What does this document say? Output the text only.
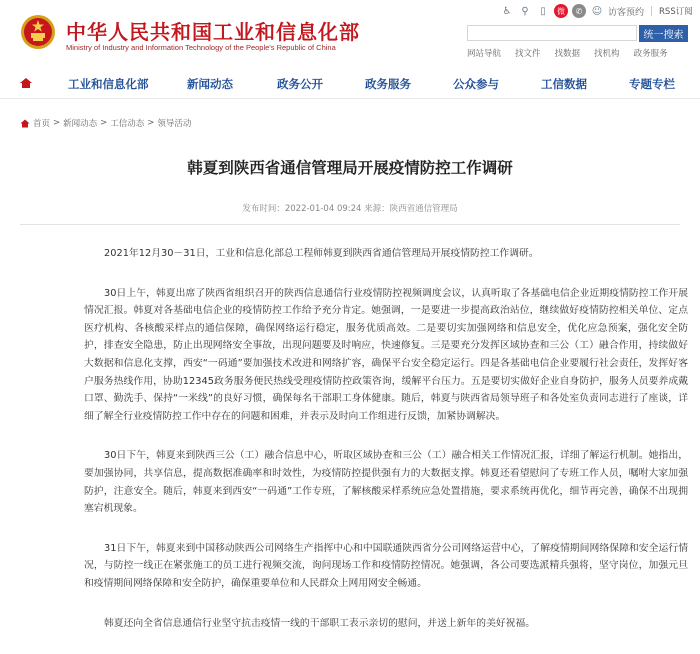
中华人民共和国工业和信息化部
Ministry of Industry and Information Technology of the People's Republic of China
♿ ⚲	▯	微	✆ ☺ 访客预约 RSS订阅
统一搜索
网站导航 找文件 找数据 找机构 政务服务
工业和信息化部	新闻动态	政务公开	政务服务	公众参与	工信数据	专题专栏
首页 > 新闻动态 > 工信动态 > 领导活动
韩夏到陕西省通信管理局开展疫情防控工作调研
发布时间：2022-01-04 09:24 来源：陕西省通信管理局

2021年12月30－31日，工业和信息化部总工程师韩夏到陕西省通信管理局开展疫情防控工作调研。

30日上午，韩夏出席了陕西省组织召开的陕西信息通信行业疫情防控视频调度会议，认真听取了各基础电信企业近期疫情防控工作开展情况汇报。韩夏对各基础电信企业的疫情防控工作给予充分肯定。她强调，一是要进一步提高政治站位，继续做好疫情防控相关单位、定点医疗机构、各核酸采样点的通信保障，确保网络运行稳定，服务优质高效。二是要切实加强网络和信息安全，优化应急预案，强化安全防护，排查安全隐患，防止出现网络安全事故，出现问题要及时响应，快速修复。三是要充分发挥区域协查和三公（工）融合作用，持续做好大数据和信息化支撑，西安“一码通”要加强技术改进和网络扩容，确保平台安全稳定运行。四是各基础电信企业要履行社会责任，发挥好客户服务热线作用，协助12345政务服务便民热线受理疫情防控政策咨询，缓解平台压力。五是要切实做好企业自身防护，服务人员要养成戴口罩、勤洗手、保持“一米线”的良好习惯，确保每名干部职工身体健康。随后，韩夏与陕西省局领导班子和各处室负责同志进行了座谈，详细了解全行业疫情防控工作中存在的问题和困难，并表示及时向工作组进行反馈，加紧协调解决。

30日下午，韩夏来到陕西三公（工）融合信息中心，听取区域协查和三公（工）融合相关工作情况汇报，详细了解运行机制。她指出，要加强协同，共享信息，提高数据准确率和时效性，为疫情防控提供强有力的大数据支撑。韩夏还看望慰问了专班工作人员，嘱咐大家加强防护，注意安全。随后，韩夏来到西安“一码通”工作专班，了解核酸采样系统应急处置措施，要求系统再优化，细节再完善，确保不出现拥塞宕机现象。

31日下午，韩夏来到中国移动陕西公司网络生产指挥中心和中国联通陕西省分公司网络运营中心，了解疫情期间网络保障和安全运行情况，与防控一线正在紧张施工的员工进行视频交流，询问现场工作和疫情防控情况。她强调，各公司要选派精兵强将，坚守岗位，加强元旦和疫情期间网络保障和安全防护，确保重要单位和人民群众上网用网安全畅通。

韩夏还向全省信息通信行业坚守抗击疫情一线的干部职工表示亲切的慰问，并送上新年的美好祝福。
